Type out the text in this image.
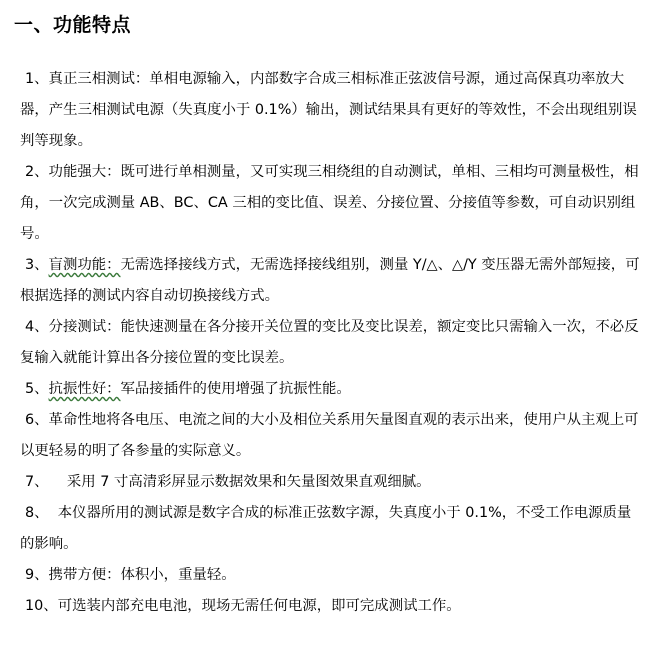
一、功能特点

1、真正三相测试：单相电源输入，内部数字合成三相标准正弦波信号源，通过高保真功率放大器，产生三相测试电源（失真度小于 0.1%）输出，测试结果具有更好的等效性，不会出现组别误判等现象。

2、功能强大：既可进行单相测量，又可实现三相绕组的自动测试，单相、三相均可测量极性，相角，一次完成测量 AB、BC、CA 三相的变比值、误差、分接位置、分接值等参数，可自动识别组号。

3、盲测功能：无需选择接线方式，无需选择接线组别，测量 Y/△、△/Y 变压器无需外部短接，可根据选择的测试内容自动切换接线方式。

4、分接测试：能快速测量在各分接开关位置的变比及变比误差，额定变比只需输入一次，不必反复输入就能计算出各分接位置的变比误差。

5、抗振性好：军品接插件的使用增强了抗振性能。

6、革命性地将各电压、电流之间的大小及相位关系用矢量图直观的表示出来，使用户从主观上可以更轻易的明了各参量的实际意义。

7、    采用 7 寸高清彩屏显示数据效果和矢量图效果直观细腻。

8、  本仪器所用的测试源是数字合成的标准正弦数字源，失真度小于 0.1%，不受工作电源质量的影响。

9、携带方便：体积小，重量轻。

10、可选装内部充电电池，现场无需任何电源，即可完成测试工作。
